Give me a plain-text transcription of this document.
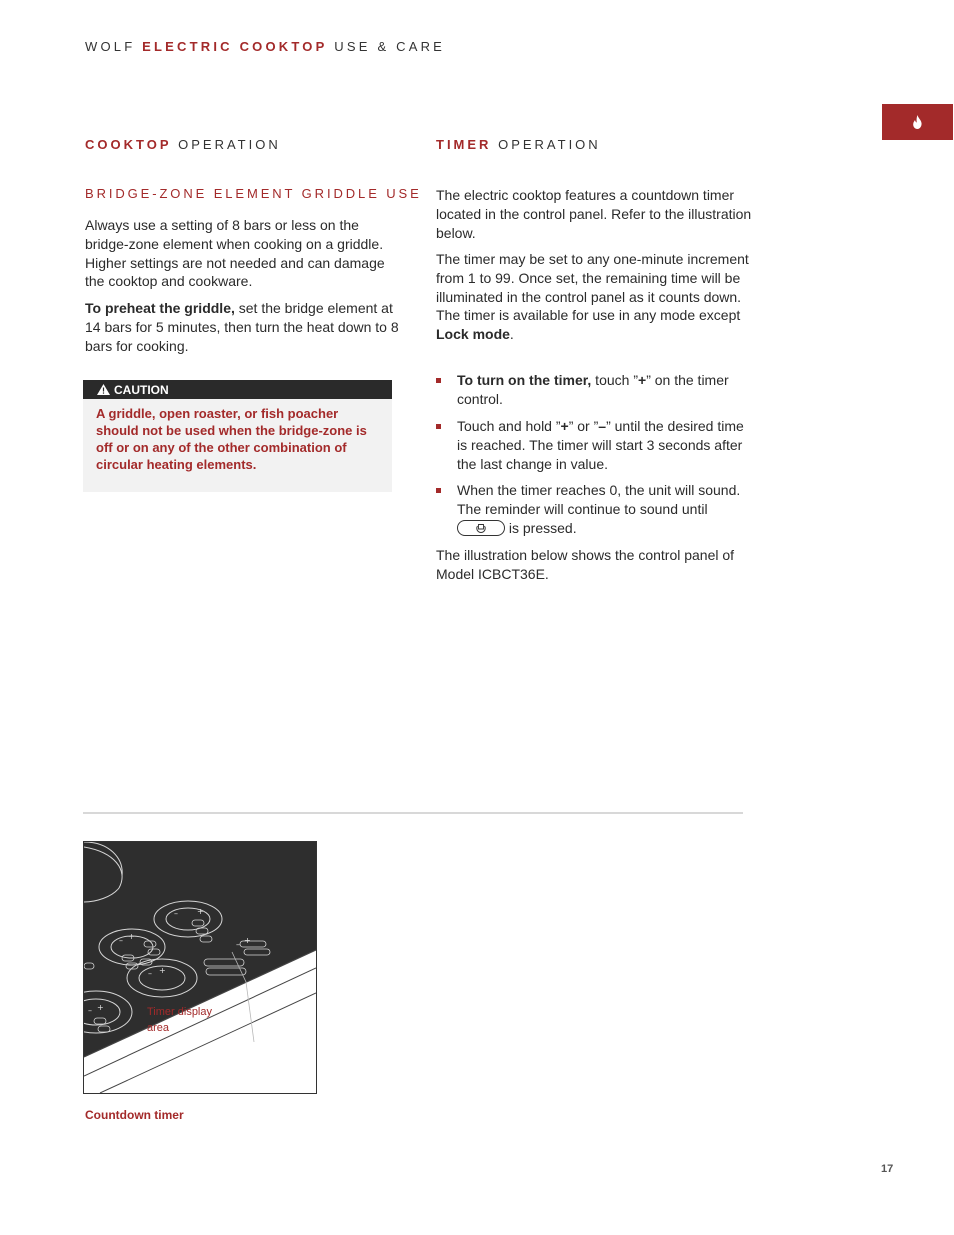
WOLF ELECTRIC COOKTOP USE & CARE
COOKTOP OPERATION
BRIDGE-ZONE ELEMENT GRIDDLE USE

Always use a setting of 8 bars or less on the bridge-zone element when cooking on a griddle. Higher settings are not needed and can damage the cooktop and cookware.

To preheat the griddle, set the bridge element at 14 bars for 5 minutes, then turn the heat down to 8 bars for cooking.

CAUTION
A griddle, open roaster, or fish poacher should not be used when the bridge-zone is off or on any of the other combination of circular heating elements.
TIMER OPERATION

The electric cooktop features a countdown timer located in the control panel. Refer to the illustration below.

The timer may be set to any one-minute increment from 1 to 99. Once set, the remaining time will be illuminated in the control panel as it counts down. The timer is available for use in any mode except Lock mode.

To turn on the timer, touch ”+” on the timer control.
Touch and hold ”+” or ”–” until the desired time is reached. The timer will start 3 seconds after the last change in value.
When the timer reaches 0, the unit will sound. The reminder will continue to sound until  is pressed.

The illustration below shows the control panel of Model ICBCT36E.

– +
– +
– +
– +
– +
Timer display area
Countdown timer
17
